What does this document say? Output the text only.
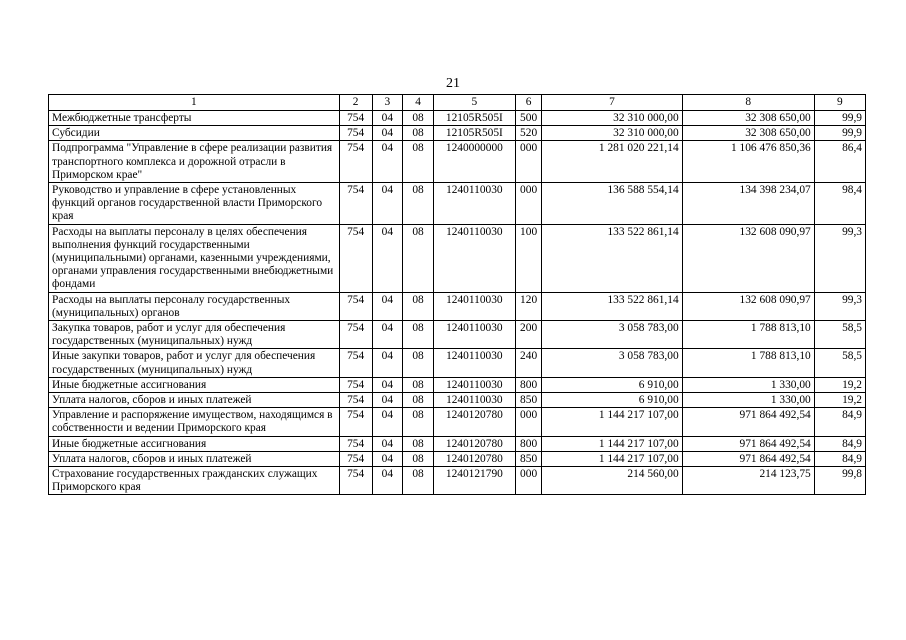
21
1	2	3	4	5	6	7	8	9
Межбюджетные трансферты	754	04	08	12105R505I	500	32 310 000,00	32 308 650,00	99,9
Субсидии	754	04	08	12105R505I	520	32 310 000,00	32 308 650,00	99,9
Подпрограмма "Управление в сфере реализации развития транспортного комплекса и дорожной отрасли в Приморском крае"	754	04	08	1240000000	000	1 281 020 221,14	1 106 476 850,36	86,4
Руководство и управление в сфере установленных функций органов государственной власти Приморского края	754	04	08	1240110030	000	136 588 554,14	134 398 234,07	98,4
Расходы на выплаты персоналу в целях обеспечения выполнения функций государственными (муниципальными) органами, казенными учреждениями, органами управления государственными внебюджетными фондами	754	04	08	1240110030	100	133 522 861,14	132 608 090,97	99,3
Расходы на выплаты персоналу государственных (муниципальных) органов	754	04	08	1240110030	120	133 522 861,14	132 608 090,97	99,3
Закупка товаров, работ и услуг для обеспечения государственных (муниципальных) нужд	754	04	08	1240110030	200	3 058 783,00	1 788 813,10	58,5
Иные закупки товаров, работ и услуг для обеспечения государственных (муниципальных) нужд	754	04	08	1240110030	240	3 058 783,00	1 788 813,10	58,5
Иные бюджетные ассигнования	754	04	08	1240110030	800	6 910,00	1 330,00	19,2
Уплата налогов, сборов и иных платежей	754	04	08	1240110030	850	6 910,00	1 330,00	19,2
Управление и распоряжение имуществом, находящимся в собственности и ведении Приморского края	754	04	08	1240120780	000	1 144 217 107,00	971 864 492,54	84,9
Иные бюджетные ассигнования	754	04	08	1240120780	800	1 144 217 107,00	971 864 492,54	84,9
Уплата налогов, сборов и иных платежей	754	04	08	1240120780	850	1 144 217 107,00	971 864 492,54	84,9
Страхование государственных гражданских служащих Приморского края	754	04	08	1240121790	000	214 560,00	214 123,75	99,8
